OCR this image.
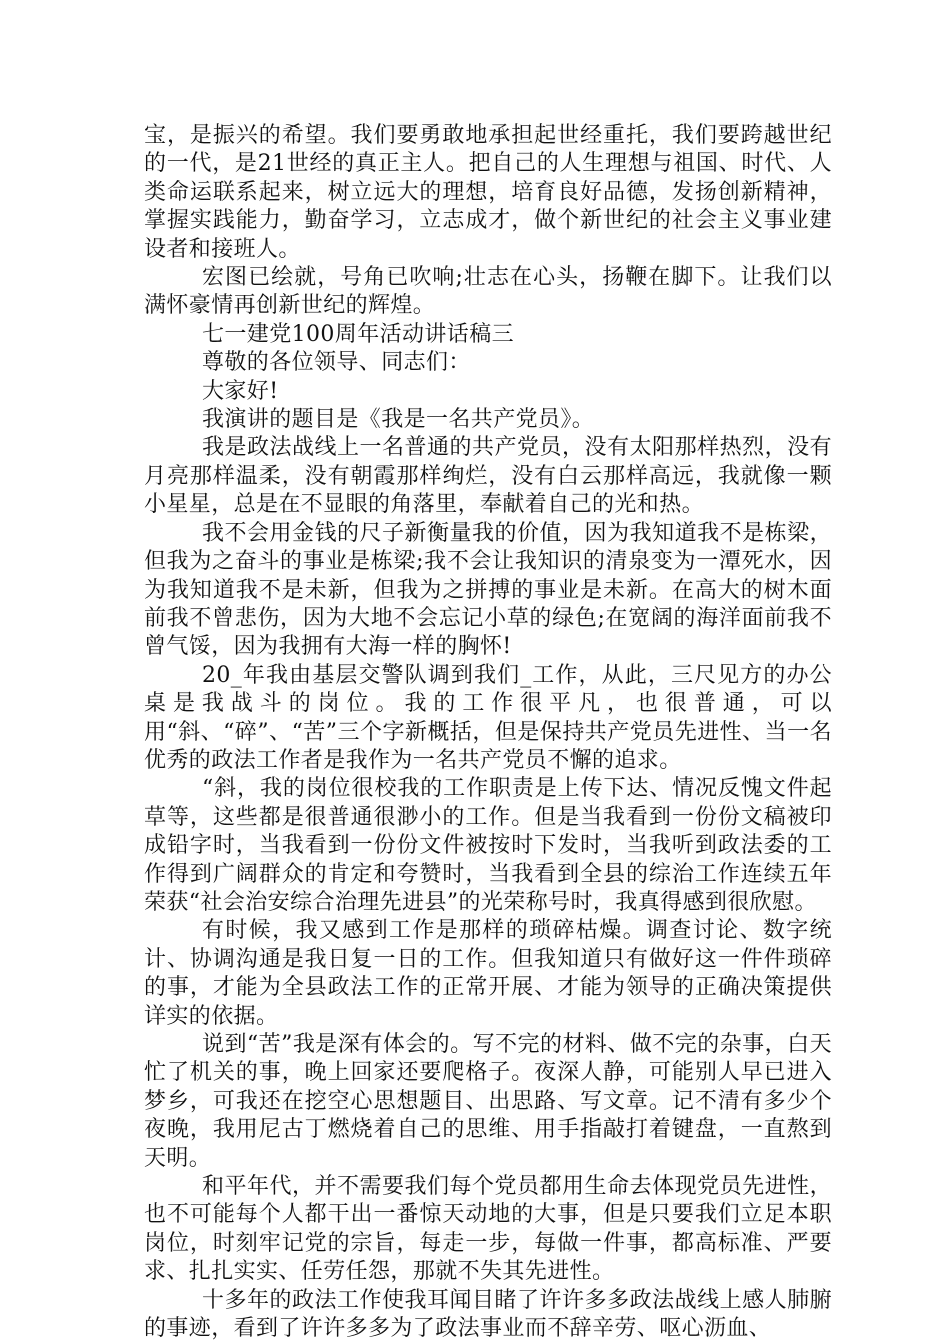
宝，是振兴的希望。我们要勇敢地承担起世经重托，我们要跨越世纪的一代，是21世经的真正主人。把自己的人生理想与祖国、时代、人类命运联系起来，树立远大的理想，培育良好品德，发扬创新精神，掌握实践能力，勤奋学习，立志成才，做个新世纪的社会主义事业建设者和接班人。

宏图已绘就，号角已吹响;壮志在心头，扬鞭在脚下。让我们以满怀豪情再创新世纪的辉煌。

七一建党100周年活动讲话稿三

尊敬的各位领导、同志们：

大家好!

我演讲的题目是《我是一名共产党员》。

我是政法战线上一名普通的共产党员，没有太阳那样热烈，没有月亮那样温柔，没有朝霞那样绚烂，没有白云那样高远，我就像一颗小星星，总是在不显眼的角落里，奉献着自己的光和热。

我不会用金钱的尺子新衡量我的价值，因为我知道我不是栋梁，但我为之奋斗的事业是栋梁;我不会让我知识的清泉变为一潭死水，因为我知道我不是未新，但我为之拼搏的事业是未新。在高大的树木面前我不曾悲伤，因为大地不会忘记小草的绿色;在宽阔的海洋面前我不曾气馁，因为我拥有大海一样的胸怀!

20_年我由基层交警队调到我们_工作，从此，三尺见方的办公桌是我战斗的岗位。我的工作很平凡，也很普通，可以用“斜、“碎”、“苦”三个字新概括，但是保持共产党员先进性、当一名优秀的政法工作者是我作为一名共产党员不懈的追求。

“斜，我的岗位很校我的工作职责是上传下达、情况反愧文件起草等，这些都是很普通很渺小的工作。但是当我看到一份份文稿被印成铅字时，当我看到一份份文件被按时下发时，当我听到政法委的工作得到广阔群众的肯定和夸赞时，当我看到全县的综治工作连续五年荣获“社会治安综合治理先进县”的光荣称号时，我真得感到很欣慰。

有时候，我又感到工作是那样的琐碎枯燥。调查讨论、数字统计、协调沟通是我日复一日的工作。但我知道只有做好这一件件琐碎的事，才能为全县政法工作的正常开展、才能为领导的正确决策提供详实的依据。

说到“苦”我是深有体会的。写不完的材料、做不完的杂事，白天忙了机关的事，晚上回家还要爬格子。夜深人静，可能别人早已进入梦乡，可我还在挖空心思想题目、出思路、写文章。记不清有多少个夜晚，我用尼古丁燃烧着自己的思维、用手指敲打着键盘，一直熬到天明。

和平年代，并不需要我们每个党员都用生命去体现党员先进性，也不可能每个人都干出一番惊天动地的大事，但是只要我们立足本职岗位，时刻牢记党的宗旨，每走一步，每做一件事，都高标准、严要求、扎扎实实、任劳任怨，那就不失其先进性。

十多年的政法工作使我耳闻目睹了许许多多政法战线上感人肺腑的事迹，看到了许许多多为了政法事业而不辞辛劳、呕心沥血、
